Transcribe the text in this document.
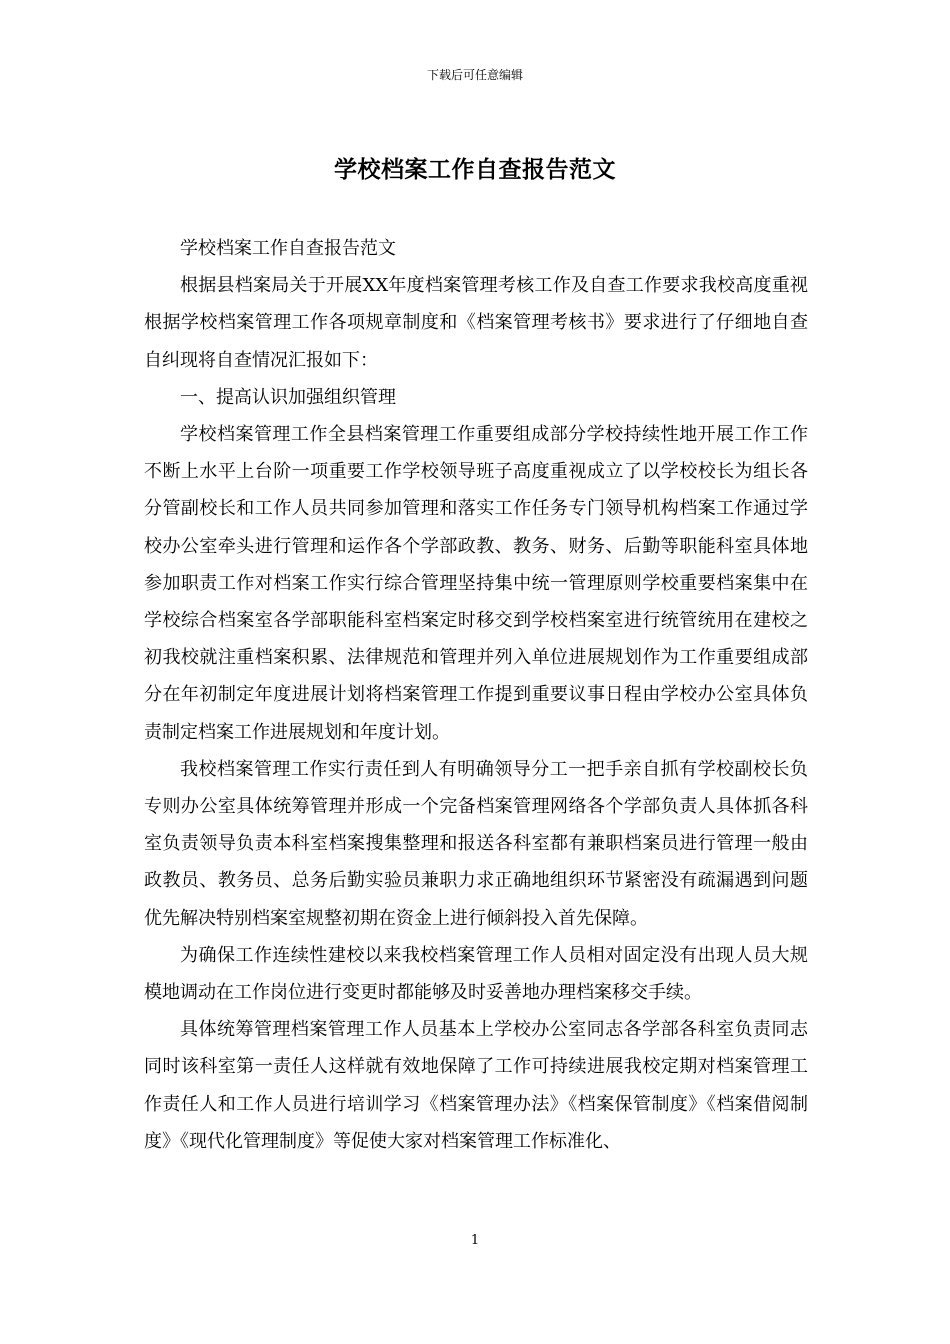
下载后可任意编辑
学校档案工作自查报告范文

学校档案工作自查报告范文

根据县档案局关于开展XX年度档案管理考核工作及自查工作要求我校高度重视根据学校档案管理工作各项规章制度和《档案管理考核书》要求进行了仔细地自查自纠现将自查情况汇报如下：

一、提高认识加强组织管理

学校档案管理工作全县档案管理工作重要组成部分学校持续性地开展工作工作不断上水平上台阶一项重要工作学校领导班子高度重视成立了以学校校长为组长各分管副校长和工作人员共同参加管理和落实工作任务专门领导机构档案工作通过学校办公室牵头进行管理和运作各个学部政教、教务、财务、后勤等职能科室具体地参加职责工作对档案工作实行综合管理坚持集中统一管理原则学校重要档案集中在学校综合档案室各学部职能科室档案定时移交到学校档案室进行统管统用在建校之初我校就注重档案积累、法律规范和管理并列入单位进展规划作为工作重要组成部分在年初制定年度进展计划将档案管理工作提到重要议事日程由学校办公室具体负责制定档案工作进展规划和年度计划。

我校档案管理工作实行责任到人有明确领导分工一把手亲自抓有学校副校长负专则办公室具体统筹管理并形成一个完备档案管理网络各个学部负责人具体抓各科室负责领导负责本科室档案搜集整理和报送各科室都有兼职档案员进行管理一般由政教员、教务员、总务后勤实验员兼职力求正确地组织环节紧密没有疏漏遇到问题优先解决特别档案室规整初期在资金上进行倾斜投入首先保障。

为确保工作连续性建校以来我校档案管理工作人员相对固定没有出现人员大规模地调动在工作岗位进行变更时都能够及时妥善地办理档案移交手续。

具体统筹管理档案管理工作人员基本上学校办公室同志各学部各科室负责同志同时该科室第一责任人这样就有效地保障了工作可持续进展我校定期对档案管理工作责任人和工作人员进行培训学习《档案管理办法》《档案保管制度》《档案借阅制度》《现代化管理制度》等促使大家对档案管理工作标准化、

1
